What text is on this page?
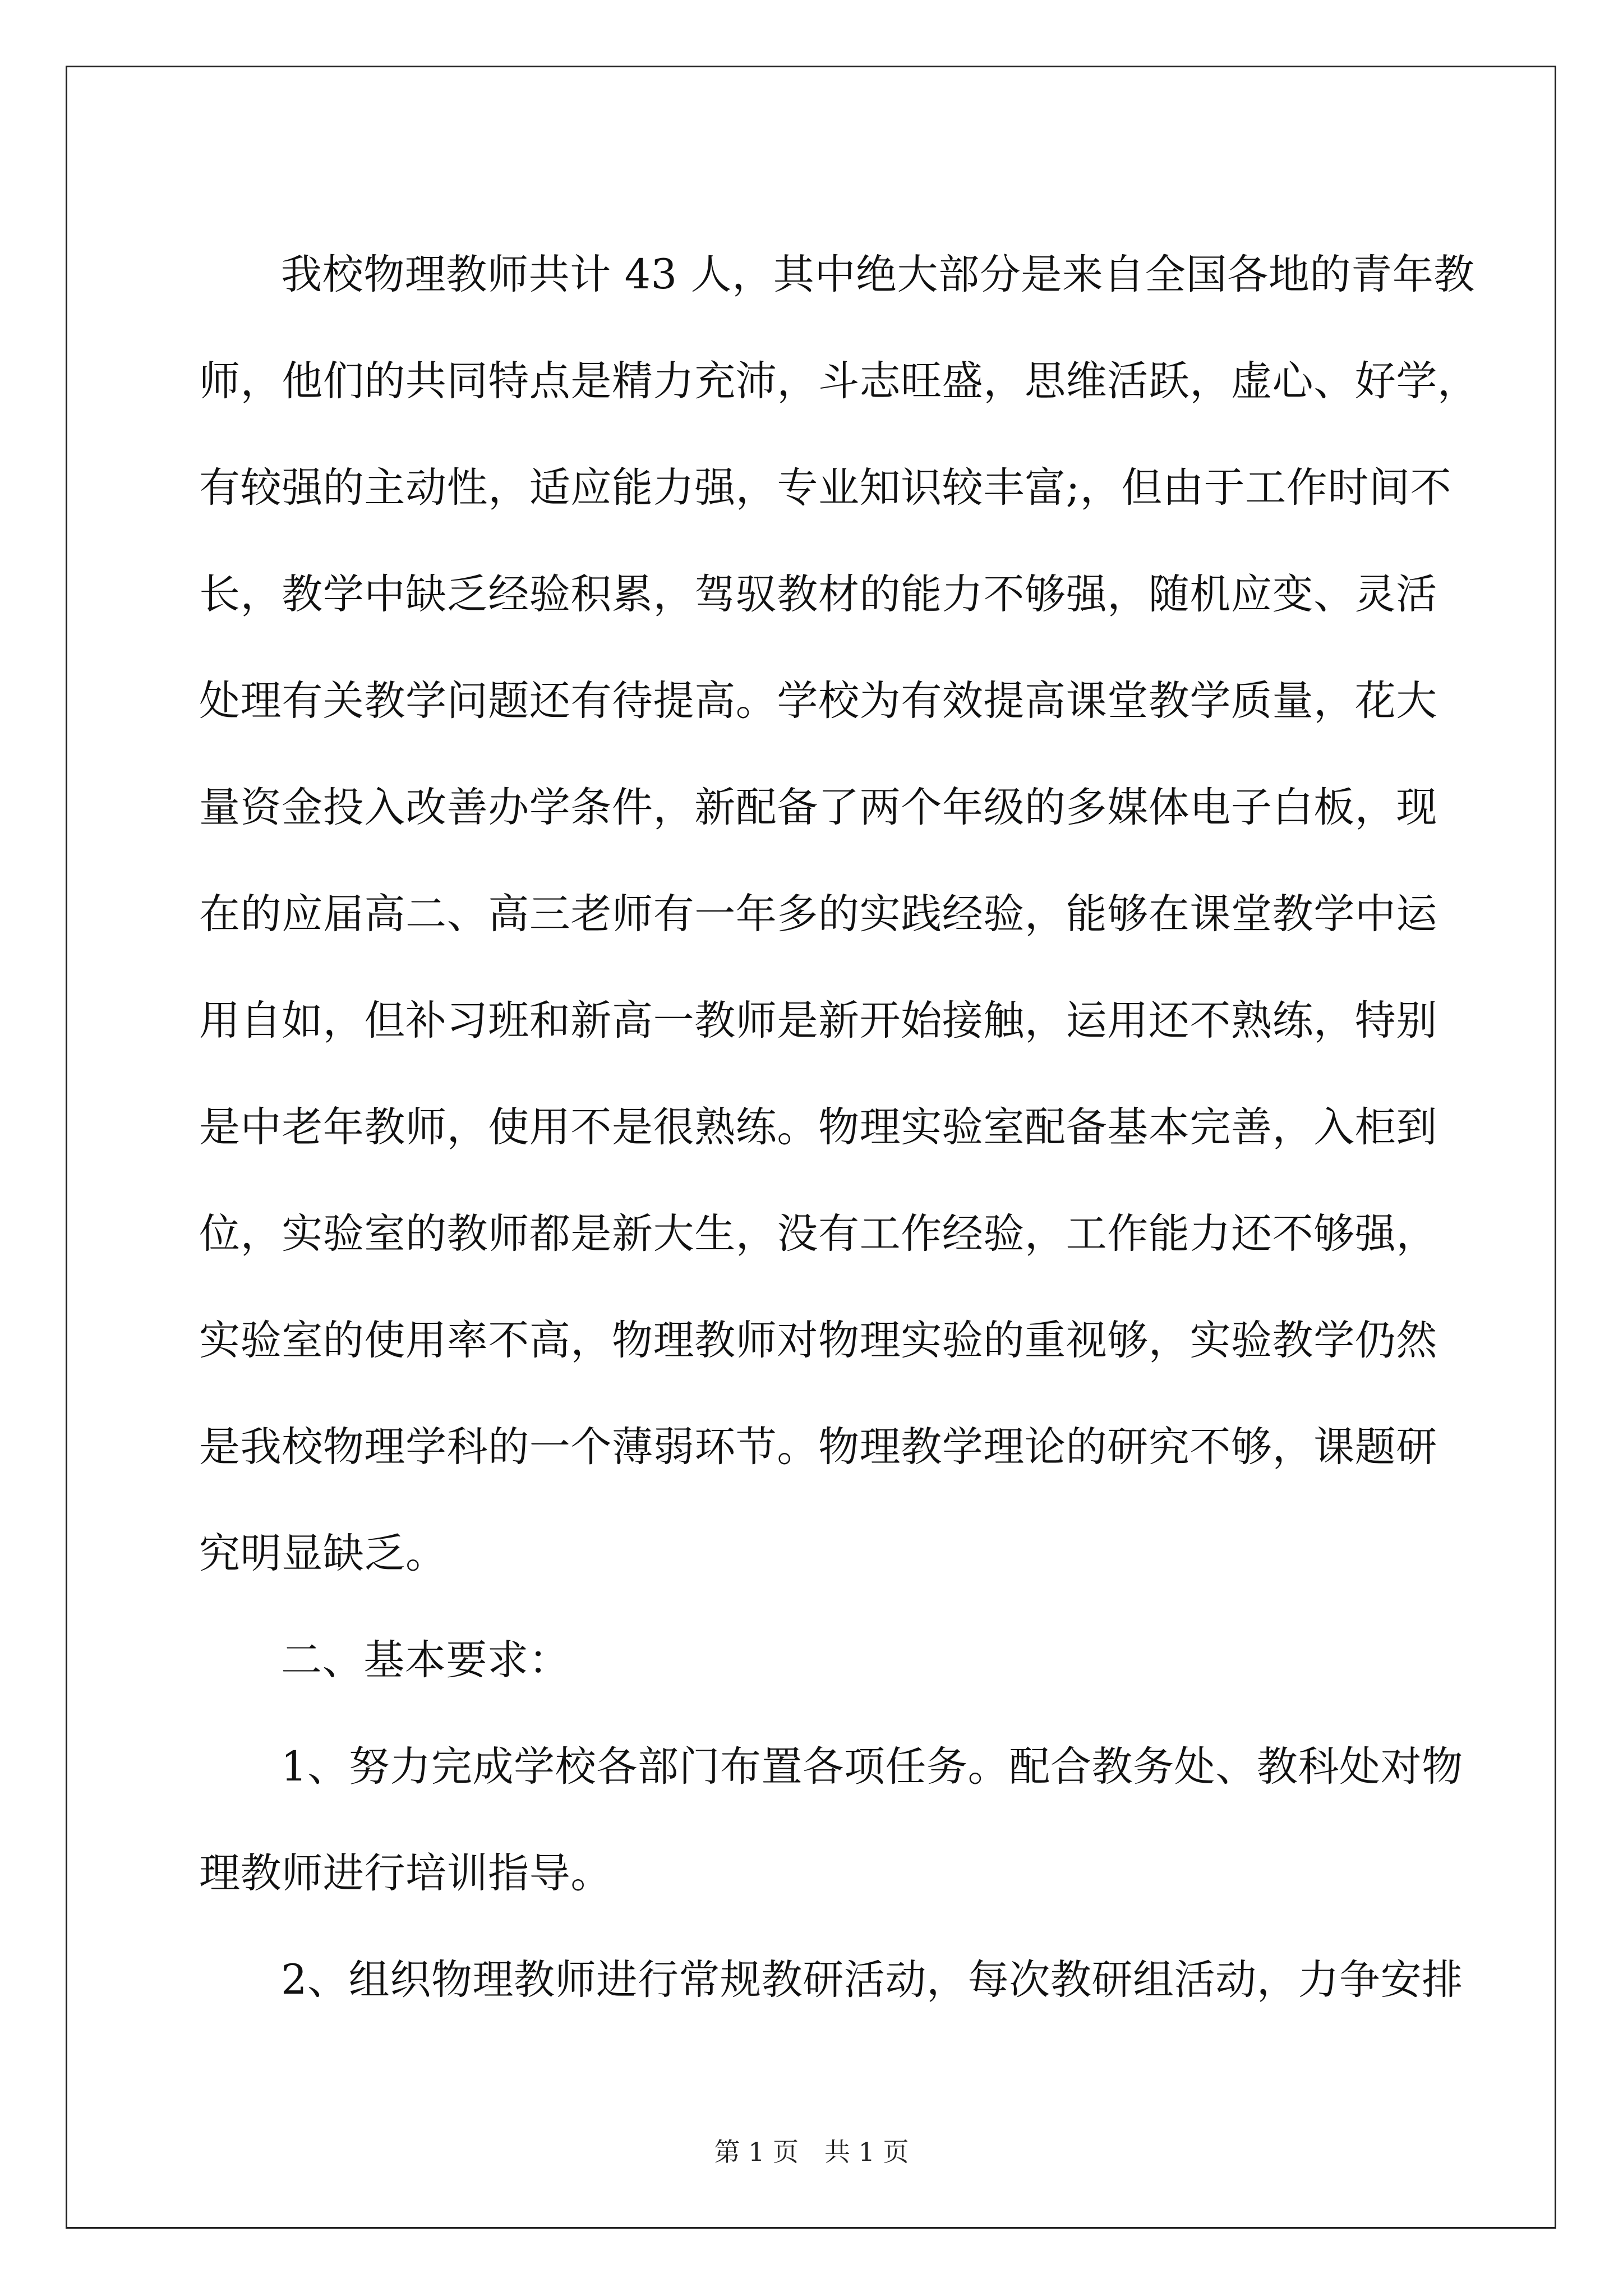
我校物理教师共计 43 人，其中绝大部分是来自全国各地的青年教
师，他们的共同特点是精力充沛，斗志旺盛，思维活跃，虚心、好学，
有较强的主动性，适应能力强，专业知识较丰富;，但由于工作时间不
长，教学中缺乏经验积累，驾驭教材的能力不够强，随机应变、灵活
处理有关教学问题还有待提高。学校为有效提高课堂教学质量，花大
量资金投入改善办学条件，新配备了两个年级的多媒体电子白板，现
在的应届高二、高三老师有一年多的实践经验，能够在课堂教学中运
用自如，但补习班和新高一教师是新开始接触，运用还不熟练，特别
是中老年教师，使用不是很熟练。物理实验室配备基本完善，入柜到
位，实验室的教师都是新大生，没有工作经验，工作能力还不够强，
实验室的使用率不高，物理教师对物理实验的重视够，实验教学仍然
是我校物理学科的一个薄弱环节。物理教学理论的研究不够，课题研
究明显缺乏。
二、基本要求：
1、努力完成学校各部门布置各项任务。配合教务处、教科处对物
理教师进行培训指导。
2、组织物理教师进行常规教研活动，每次教研组活动，力争安排
第 1 页　共 1 页
